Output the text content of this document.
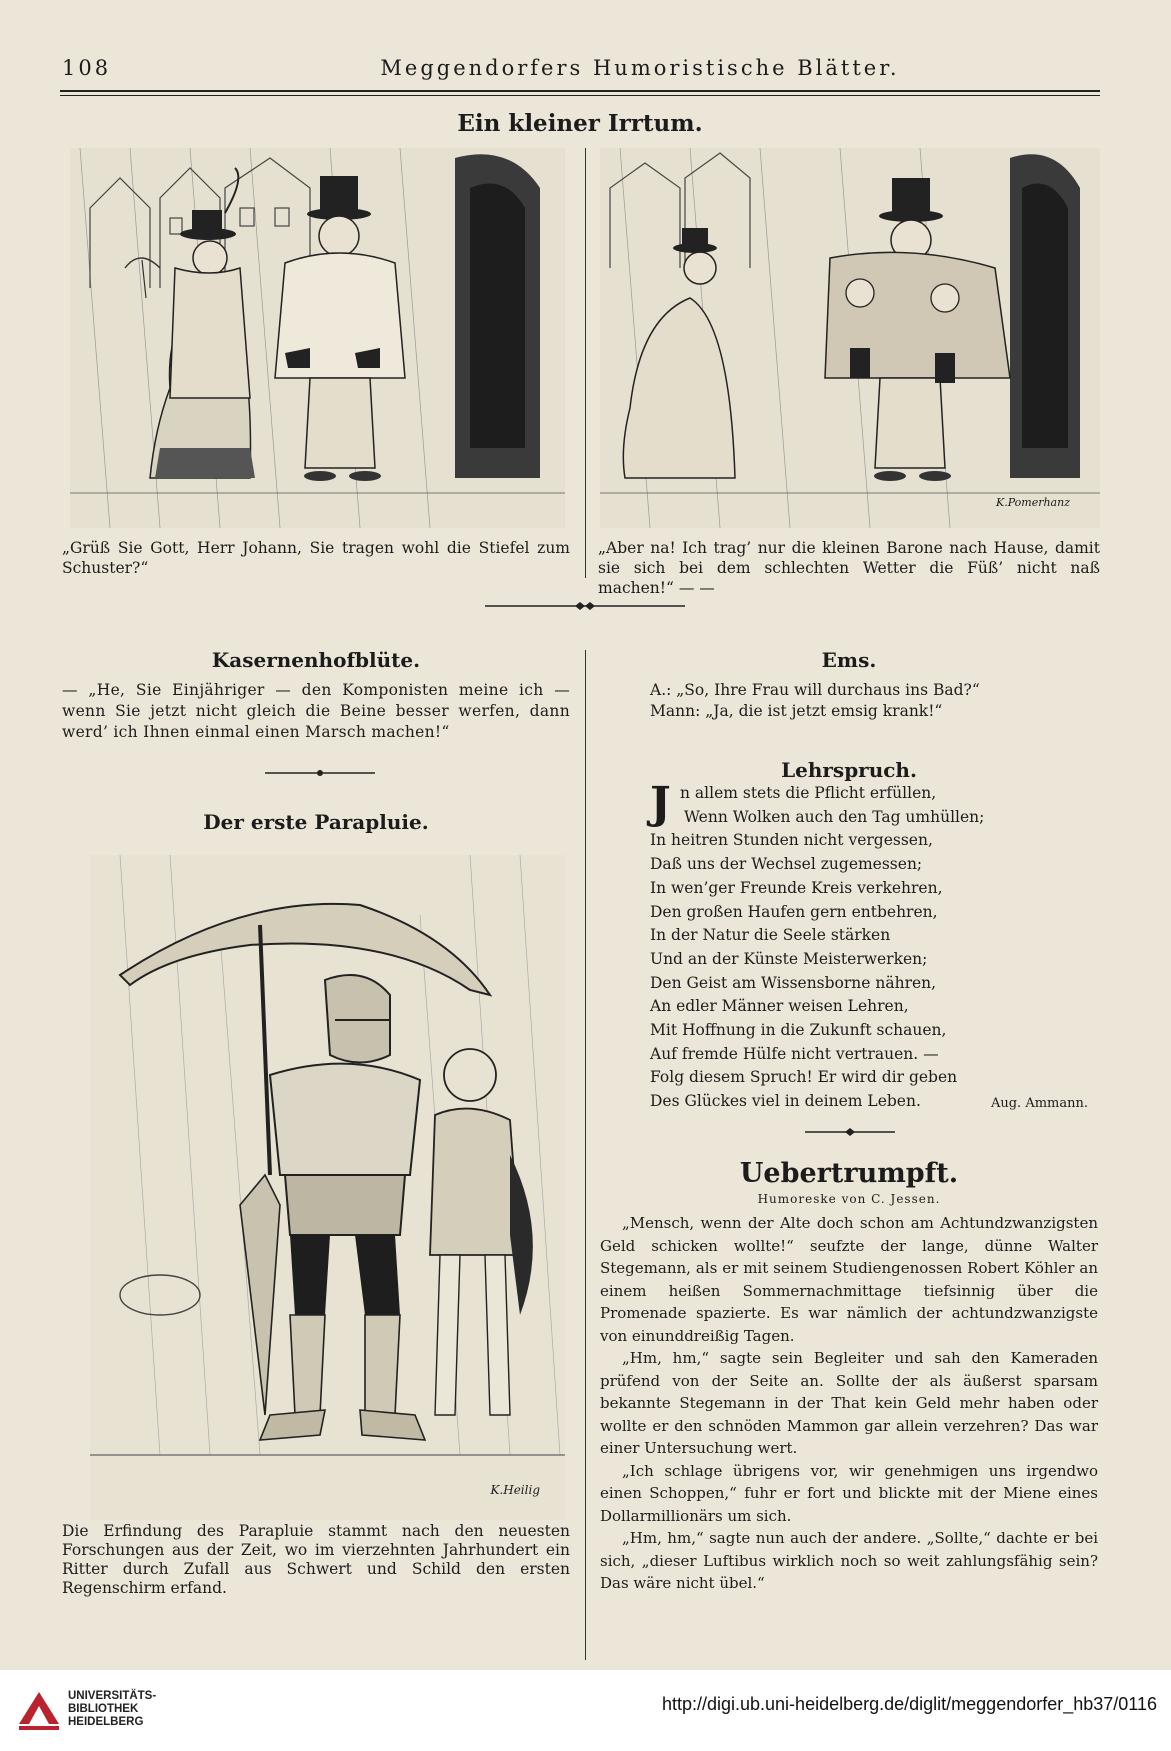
108	Meggendorfers Humoristische Blätter.
Ein kleiner Irrtum.
K.Pomerhanz
„Grüß Sie Gott, Herr Johann, Sie tragen wohl die Stiefel zum Schuster?“
„Aber na! Ich trag’ nur die kleinen Barone nach Hause, damit sie sich bei dem schlechten Wetter die Füß’ nicht naß machen!“ — —
Kasernenhofblüte.
— „He, Sie Einjähriger — den Komponisten meine ich — wenn Sie jetzt nicht gleich die Beine besser werfen, dann werd’ ich Ihnen einmal einen Marsch machen!“
Der erste Parapluie.
K.Heilig
Die Erfindung des Parapluie stammt nach den neuesten Forschungen aus der Zeit, wo im vierzehnten Jahrhundert ein Ritter durch Zufall aus Schwert und Schild den ersten Regenschirm erfand.
Ems.
A.: „So, Ihre Frau will durchaus ins Bad?“
Mann: „Ja, die ist jetzt emsig krank!“
Lehrspruch.
Jn allem stets die Pflicht erfüllen,
Wenn Wolken auch den Tag umhüllen;
In heitren Stunden nicht vergessen,
Daß uns der Wechsel zugemessen;
In wen’ger Freunde Kreis verkehren,
Den großen Haufen gern entbehren,
In der Natur die Seele stärken
Und an der Künste Meisterwerken;
Den Geist am Wissensborne nähren,
An edler Männer weisen Lehren,
Mit Hoffnung in die Zukunft schauen,
Auf fremde Hülfe nicht vertrauen. —
Folg diesem Spruch! Er wird dir geben
Des Glückes viel in deinem Leben.	Aug. Ammann.
Uebertrumpft.
Humoreske von C. Jessen.
„Mensch, wenn der Alte doch schon am Achtundzwanzigsten Geld schicken wollte!“ seufzte der lange, dünne Walter Stegemann, als er mit seinem Studiengenossen Robert Köhler an einem heißen Sommernachmittage tiefsinnig über die Promenade spazierte. Es war nämlich der achtundzwanzigste von einunddreißig Tagen.
„Hm, hm,“ sagte sein Begleiter und sah den Kameraden prüfend von der Seite an. Sollte der als äußerst sparsam bekannte Stegemann in der That kein Geld mehr haben oder wollte er den schnöden Mammon gar allein verzehren? Das war einer Untersuchung wert.
„Ich schlage übrigens vor, wir genehmigen uns irgendwo einen Schoppen,“ fuhr er fort und blickte mit der Miene eines Dollarmillionärs um sich.
„Hm, hm,“ sagte nun auch der andere. „Sollte,“ dachte er bei sich, „dieser Luftibus wirklich noch so weit zahlungsfähig sein? Das wäre nicht übel.“
UNIVERSITÄTS-
BIBLIOTHEK
HEIDELBERG
http://digi.ub.uni-heidelberg.de/diglit/meggendorfer_hb37/0116
